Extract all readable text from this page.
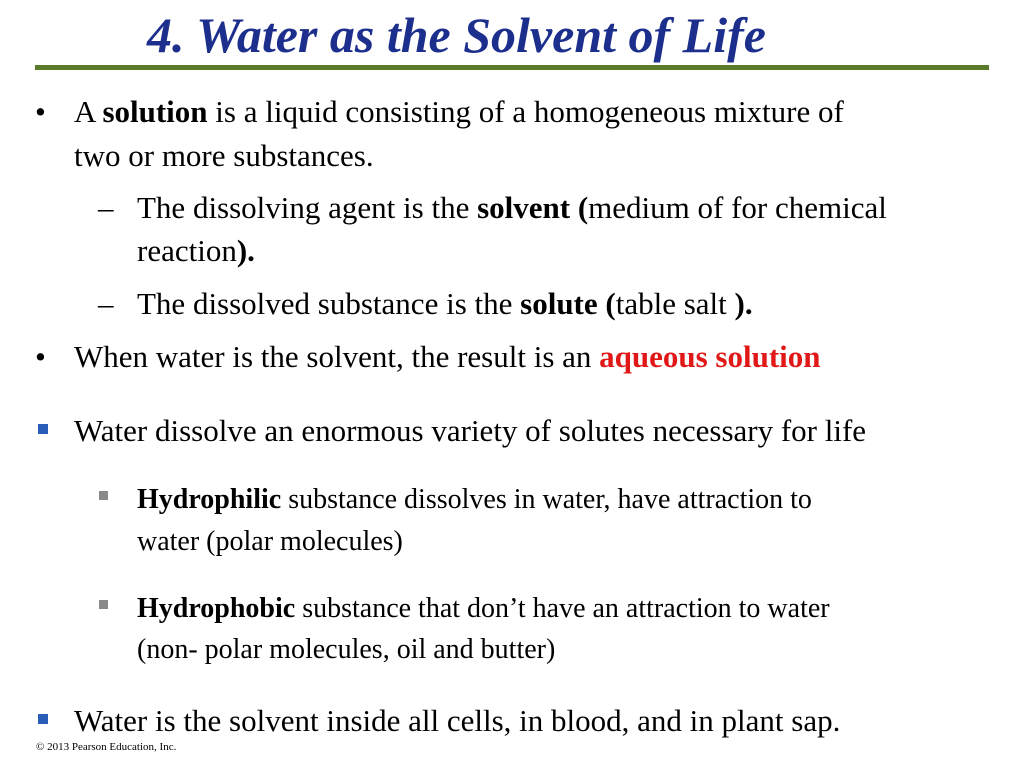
4. Water as the Solvent of Life
• A solution is a liquid consisting of a homogeneous mixture of
two or more substances.
– The dissolving agent is the solvent (medium of for chemical
reaction).
– The dissolved substance is the solute (table salt ).
• When water is the solvent, the result is an aqueous solution
Water dissolve an enormous variety of solutes necessary for life
Hydrophilic substance dissolves in water, have attraction to
water (polar molecules)
Hydrophobic substance that don’t have an attraction to water
(non- polar molecules, oil and butter)
Water is the solvent inside all cells, in blood, and in plant sap.
© 2013 Pearson Education, Inc.
